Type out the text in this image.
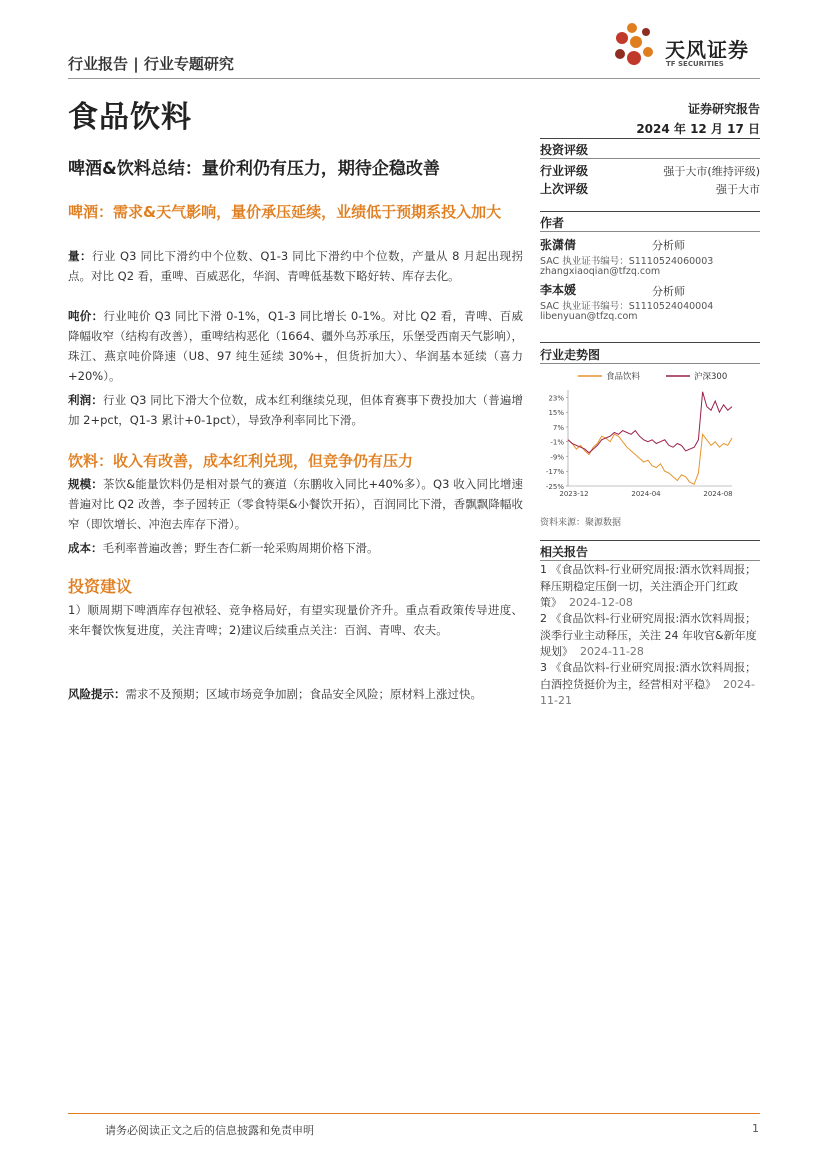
行业报告 | 行业专题研究
天风证券
TF SECURITIES
食品饮料	证券研究报告
2024 年 12 月 17 日
啤酒&饮料总结：量价利仍有压力，期待企稳改善
啤酒：需求&天气影响，量价承压延续，业绩低于预期系投入加大
量：行业 Q3 同比下滑约中个位数、Q1-3 同比下滑约中个位数，产量从 8 月起出现拐点。对比 Q2 看，重啤、百威恶化，华润、青啤低基数下略好转、库存去化。
吨价：行业吨价 Q3 同比下滑 0-1%，Q1-3 同比增长 0-1%。对比 Q2 看，青啤、百威降幅收窄（结构有改善），重啤结构恶化（1664、疆外乌苏承压，乐堡受西南天气影响），珠江、燕京吨价降速（U8、97 纯生延续 30%+，但货折加大）、华润基本延续（喜力+20%）。
利润：行业 Q3 同比下滑大个位数，成本红利继续兑现，但体育赛事下费投加大（普遍增加 2+pct，Q1-3 累计+0-1pct），导致净利率同比下滑。
饮料：收入有改善，成本红利兑现，但竞争仍有压力
规模：茶饮&能量饮料仍是相对景气的赛道（东鹏收入同比+40%多）。Q3 收入同比增速普遍对比 Q2 改善，李子园转正（零食特渠&小餐饮开拓），百润同比下滑，香飘飘降幅收窄（即饮增长、冲泡去库存下滑）。
成本：毛利率普遍改善；野生杏仁新一轮采购周期价格下滑。
投资建议
1）顺周期下啤酒库存包袱轻、竞争格局好，有望实现量价齐升。重点看政策传导进度、来年餐饮恢复进度，关注青啤；2)建议后续重点关注：百润、青啤、农夫。
风险提示：需求不及预期；区域市场竞争加剧；食品安全风险；原材料上涨过快。
投资评级
行业评级	强于大市(维持评级)
上次评级	强于大市
作者
张潇倩	分析师
SAC 执业证书编号：S1110524060003
zhangxiaoqian@tfzq.com
李本媛	分析师
SAC 执业证书编号：S1110524040004
libenyuan@tfzq.com
行业走势图
食品饮料	沪深300
23%
15%
7%
-1%
-9%
-17%
-25%
2023-12	2024-04	2024-08
资料来源：聚源数据
相关报告
1 《食品饮料-行业研究周报:酒水饮料周报；释压期稳定压倒一切，关注酒企开门红政策》 2024-12-08
2 《食品饮料-行业研究周报:酒水饮料周报；淡季行业主动释压，关注 24 年收官&新年度规划》 2024-11-28
3 《食品饮料-行业研究周报:酒水饮料周报；白酒控货挺价为主，经营相对平稳》 2024-11-21
请务必阅读正文之后的信息披露和免责申明	1
